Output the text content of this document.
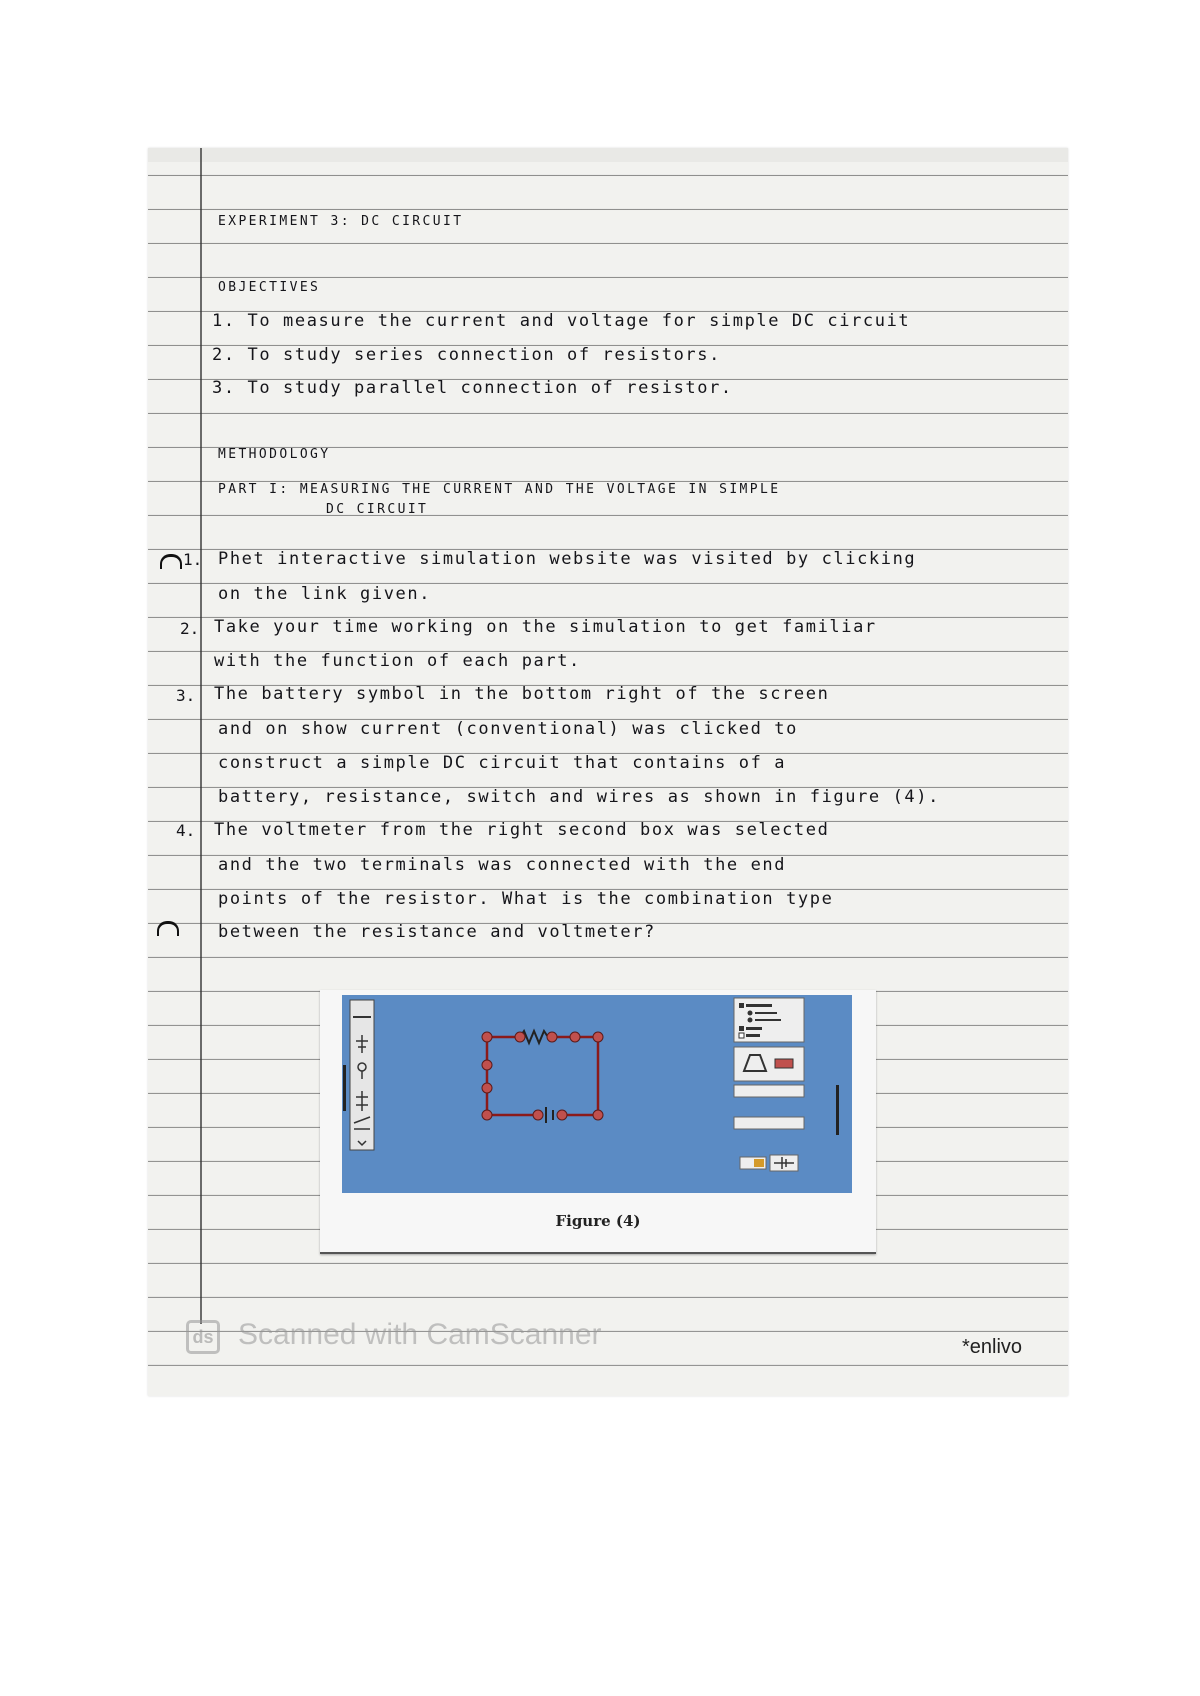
EXPERIMENT 3: DC CIRCUIT

OBJECTIVES

1. To measure the current and voltage for simple DC circuit

2. To study series connection of resistors.

3. To study parallel connection of resistor.

METHODOLOGY

PART I: MEASURING THE CURRENT AND THE VOLTAGE IN SIMPLE

DC CIRCUIT

1. Phet interactive simulation website was visited by clicking

on the link given.

2. Take your time working on the simulation to get familiar

with the function of each part.

3. The battery symbol in the bottom right of the screen

and on show current (conventional) was clicked to

construct a simple DC circuit that contains of a

battery, resistance, switch and wires as shown in figure (4).

4. The voltmeter from the right second box was selected

and the two terminals was connected with the end

points of the resistor. What is the combination type

between the resistance and voltmeter?

Figure (4)
ds Scanned with CamScanner	*enlivo
